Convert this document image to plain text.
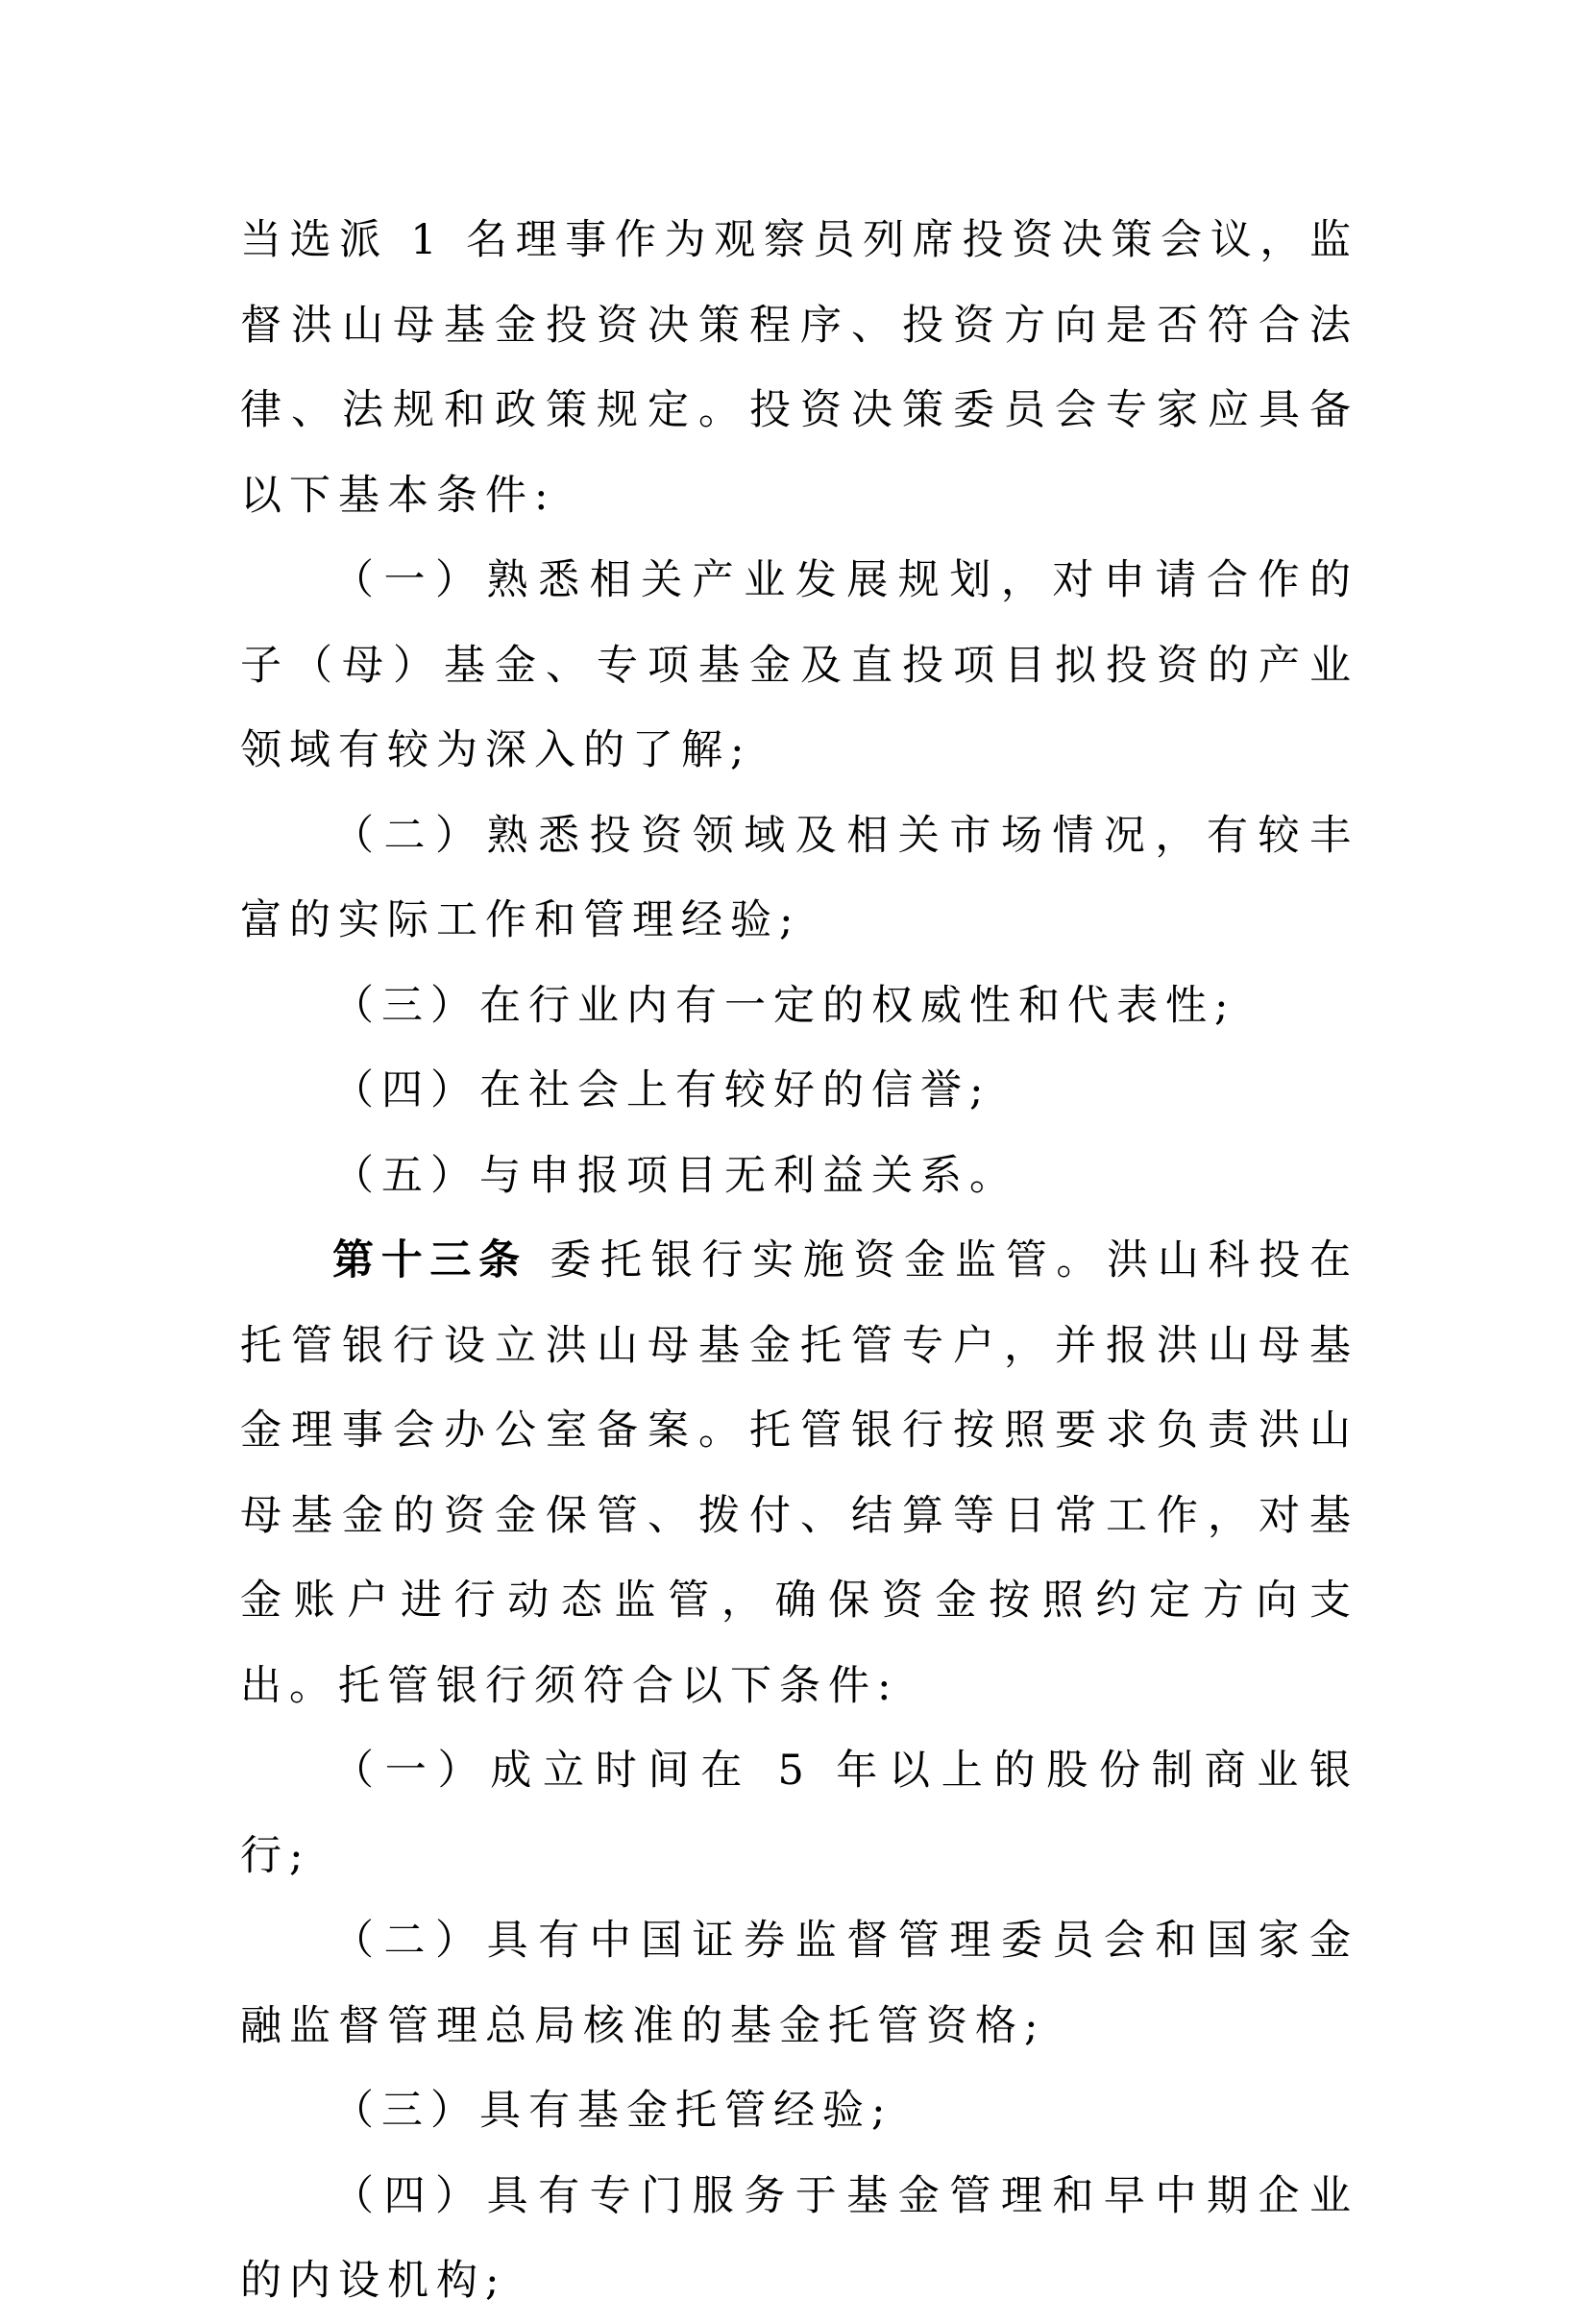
当选派 1 名理事作为观察员列席投资决策会议，监督洪山母基金投资决策程序、投资方向是否符合法律、法规和政策规定。投资决策委员会专家应具备以下基本条件:

（一）熟悉相关产业发展规划，对申请合作的子（母）基金、专项基金及直投项目拟投资的产业领域有较为深入的了解;

（二）熟悉投资领域及相关市场情况，有较丰富的实际工作和管理经验;

（三）在行业内有一定的权威性和代表性;

（四）在社会上有较好的信誉;

（五）与申报项目无利益关系。

第十三条 委托银行实施资金监管。洪山科投在托管银行设立洪山母基金托管专户，并报洪山母基金理事会办公室备案。托管银行按照要求负责洪山母基金的资金保管、拨付、结算等日常工作，对基金账户进行动态监管，确保资金按照约定方向支出。托管银行须符合以下条件:

（一）成立时间在 5 年以上的股份制商业银行;

（二）具有中国证券监督管理委员会和国家金融监督管理总局核准的基金托管资格;

（三）具有基金托管经验;

（四）具有专门服务于基金管理和早中期企业的内设机构;
